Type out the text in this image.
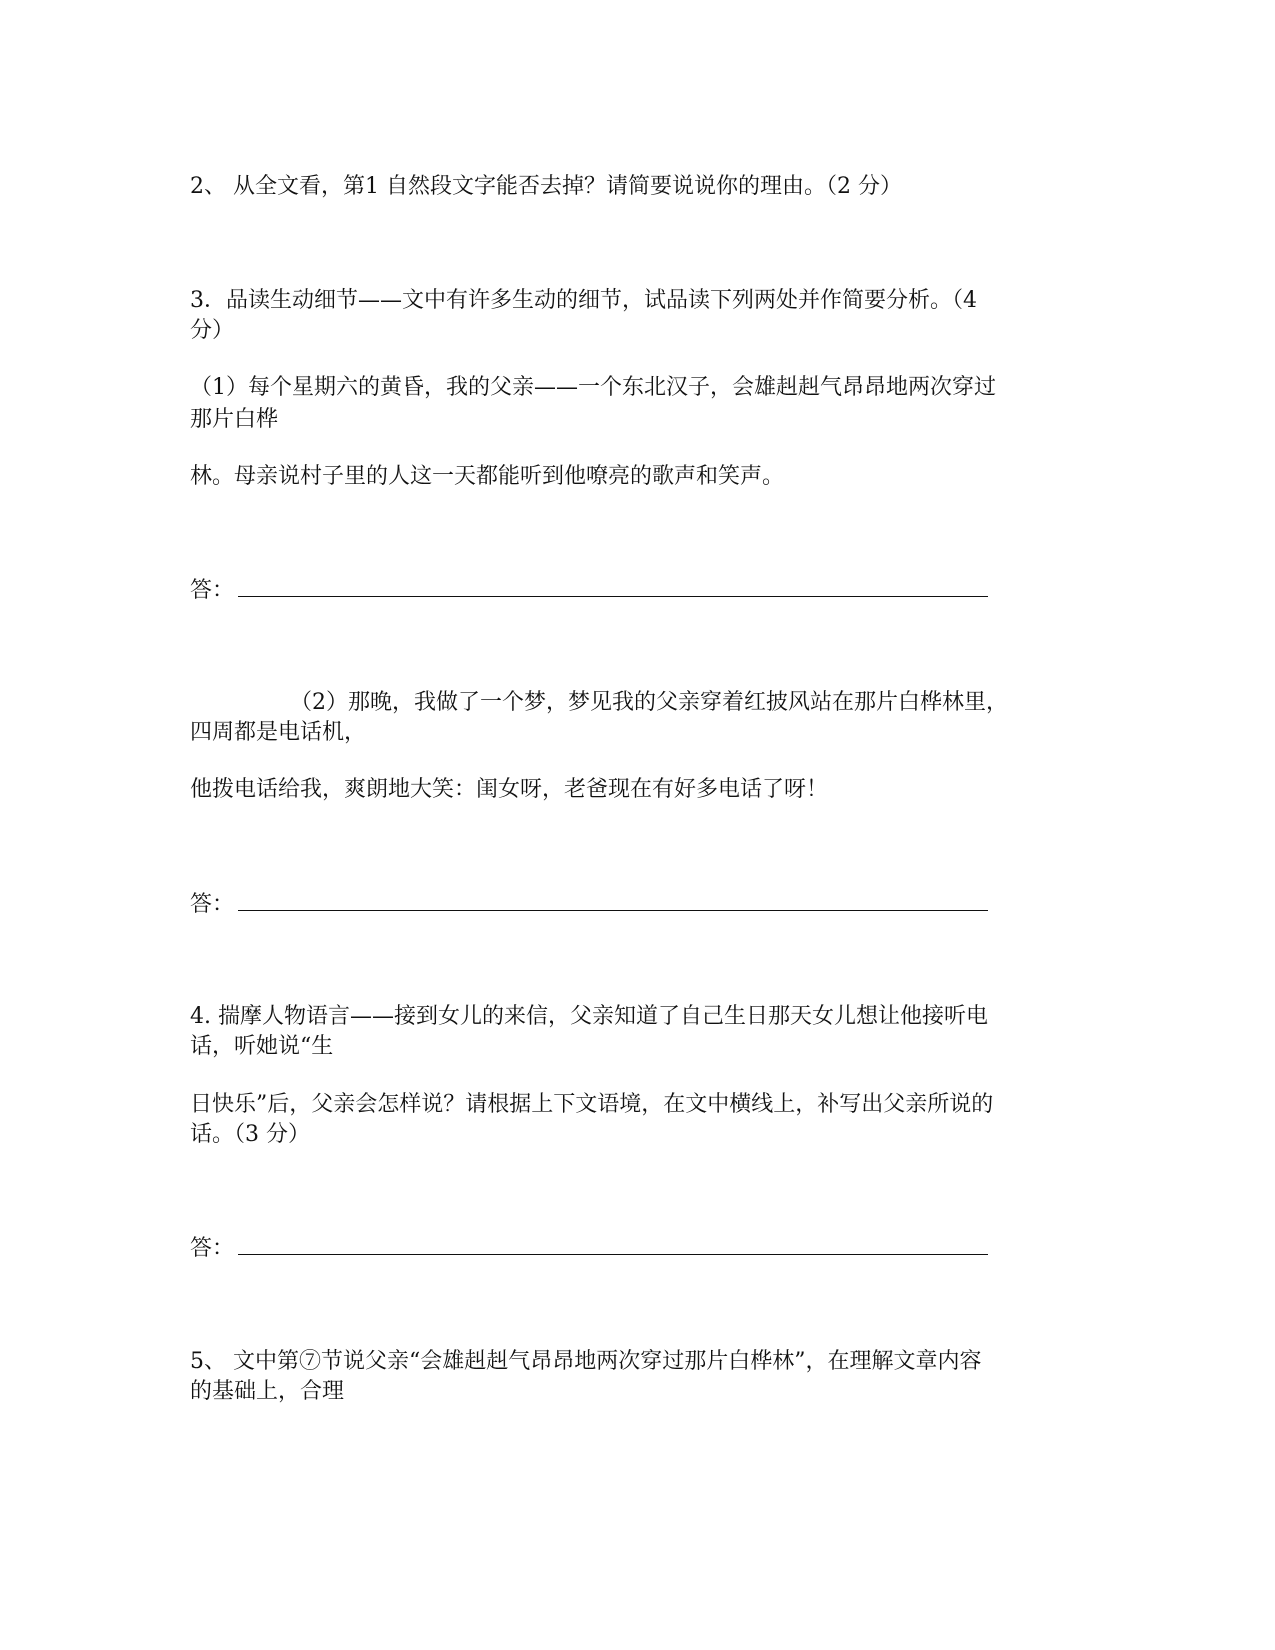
2、 从全文看，第1 自然段文字能否去掉？请简要说说你的理由。（2 分）
3．品读生动细节——文中有许多生动的细节，试品读下列两处并作简要分析。（4
分）
（1）每个星期六的黄昏，我的父亲——一个东北汉子，会雄赳赳气昂昂地两次穿过
那片白桦
林。母亲说村子里的人这一天都能听到他嘹亮的歌声和笑声。
答：
（2）那晚，我做了一个梦，梦见我的父亲穿着红披风站在那片白桦林里，
四周都是电话机，
他拨电话给我，爽朗地大笑：闺女呀，老爸现在有好多电话了呀！
答：
4. 揣摩人物语言——接到女儿的来信，父亲知道了自己生日那天女儿想让他接听电
话，听她说“生
日快乐”后，父亲会怎样说？请根据上下文语境，在文中横线上，补写出父亲所说的
话。（3 分）
答：
5、 文中第⑦节说父亲“会雄赳赳气昂昂地两次穿过那片白桦林”，在理解文章内容
的基础上，合理
